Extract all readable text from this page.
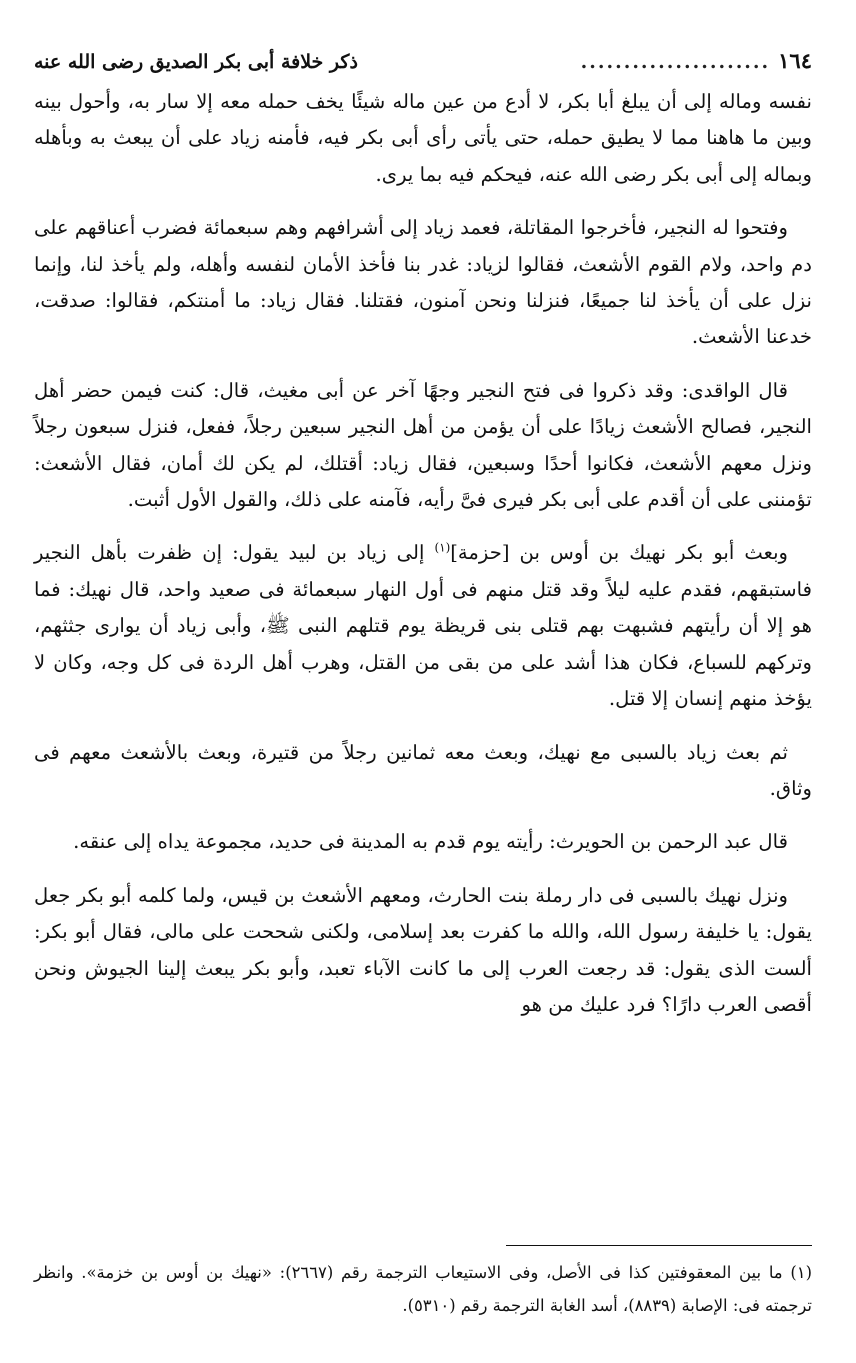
١٦٤
......................
ذكر خلافة أبى بكر الصديق رضى الله عنه

نفسه وماله إلى أن يبلغ أبا بكر، لا أدع من عين ماله شيئًا يخف حمله معه إلا سار به، وأحول بينه وبين ما هاهنا مما لا يطيق حمله، حتى يأتى رأى أبى بكر فيه، فأمنه زياد على أن يبعث به وبأهله وبماله إلى أبى بكر رضى الله عنه، فيحكم فيه بما يرى.

وفتحوا له النجير، فأخرجوا المقاتلة، فعمد زياد إلى أشرافهم وهم سبعمائة فضرب أعناقهم على دم واحد، ولام القوم الأشعث، فقالوا لزياد: غدر بنا فأخذ الأمان لنفسه وأهله، ولم يأخذ لنا، وإنما نزل على أن يأخذ لنا جميعًا، فنزلنا ونحن آمنون، فقتلنا. فقال زياد: ما أمنتكم، فقالوا: صدقت، خدعنا الأشعث.

قال الواقدى: وقد ذكروا فى فتح النجير وجهًا آخر عن أبى مغيث، قال: كنت فيمن حضر أهل النجير، فصالح الأشعث زيادًا على أن يؤمن من أهل النجير سبعين رجلاً، ففعل، فنزل سبعون رجلاً ونزل معهم الأشعث، فكانوا أحدًا وسبعين، فقال زياد: أقتلك، لم يكن لك أمان، فقال الأشعث: تؤمننى على أن أقدم على أبى بكر فيرى فىَّ رأيه، فآمنه على ذلك، والقول الأول أثبت.

وبعث أبو بكر نهيك بن أوس بن [حزمة]$^{(١)}$ إلى زياد بن لبيد يقول: إن ظفرت بأهل النجير فاستبقهم، فقدم عليه ليلاً وقد قتل منهم فى أول النهار سبعمائة فى صعيد واحد، قال نهيك: فما هو إلا أن رأيتهم فشبهت بهم قتلى بنى قريظة يوم قتلهم النبى ﷺ، وأبى زياد أن يوارى جثثهم، وتركهم للسباع، فكان هذا أشد على من بقى من القتل، وهرب أهل الردة فى كل وجه، وكان لا يؤخذ منهم إنسان إلا قتل.

ثم بعث زياد بالسبى مع نهيك، وبعث معه ثمانين رجلاً من قتيرة، وبعث بالأشعث معهم فى وثاق.

قال عبد الرحمن بن الحويرث: رأيته يوم قدم به المدينة فى حديد، مجموعة يداه إلى عنقه.

ونزل نهيك بالسبى فى دار رملة بنت الحارث، ومعهم الأشعث بن قيس، ولما كلمه أبو بكر جعل يقول: يا خليفة رسول الله، والله ما كفرت بعد إسلامى، ولكنى شححت على مالى، فقال أبو بكر: ألست الذى يقول: قد رجعت العرب إلى ما كانت الآباء تعبد، وأبو بكر يبعث إلينا الجيوش ونحن أقصى العرب دارًا؟ فرد عليك من هو

(١) ما بين المعقوفتين كذا فى الأصل، وفى الاستيعاب الترجمة رقم (٢٦٦٧): «نهيك بن أوس بن خزمة». وانظر ترجمته فى: الإصابة (٨٨٣٩)، أسد الغابة الترجمة رقم (٥٣١٠).
